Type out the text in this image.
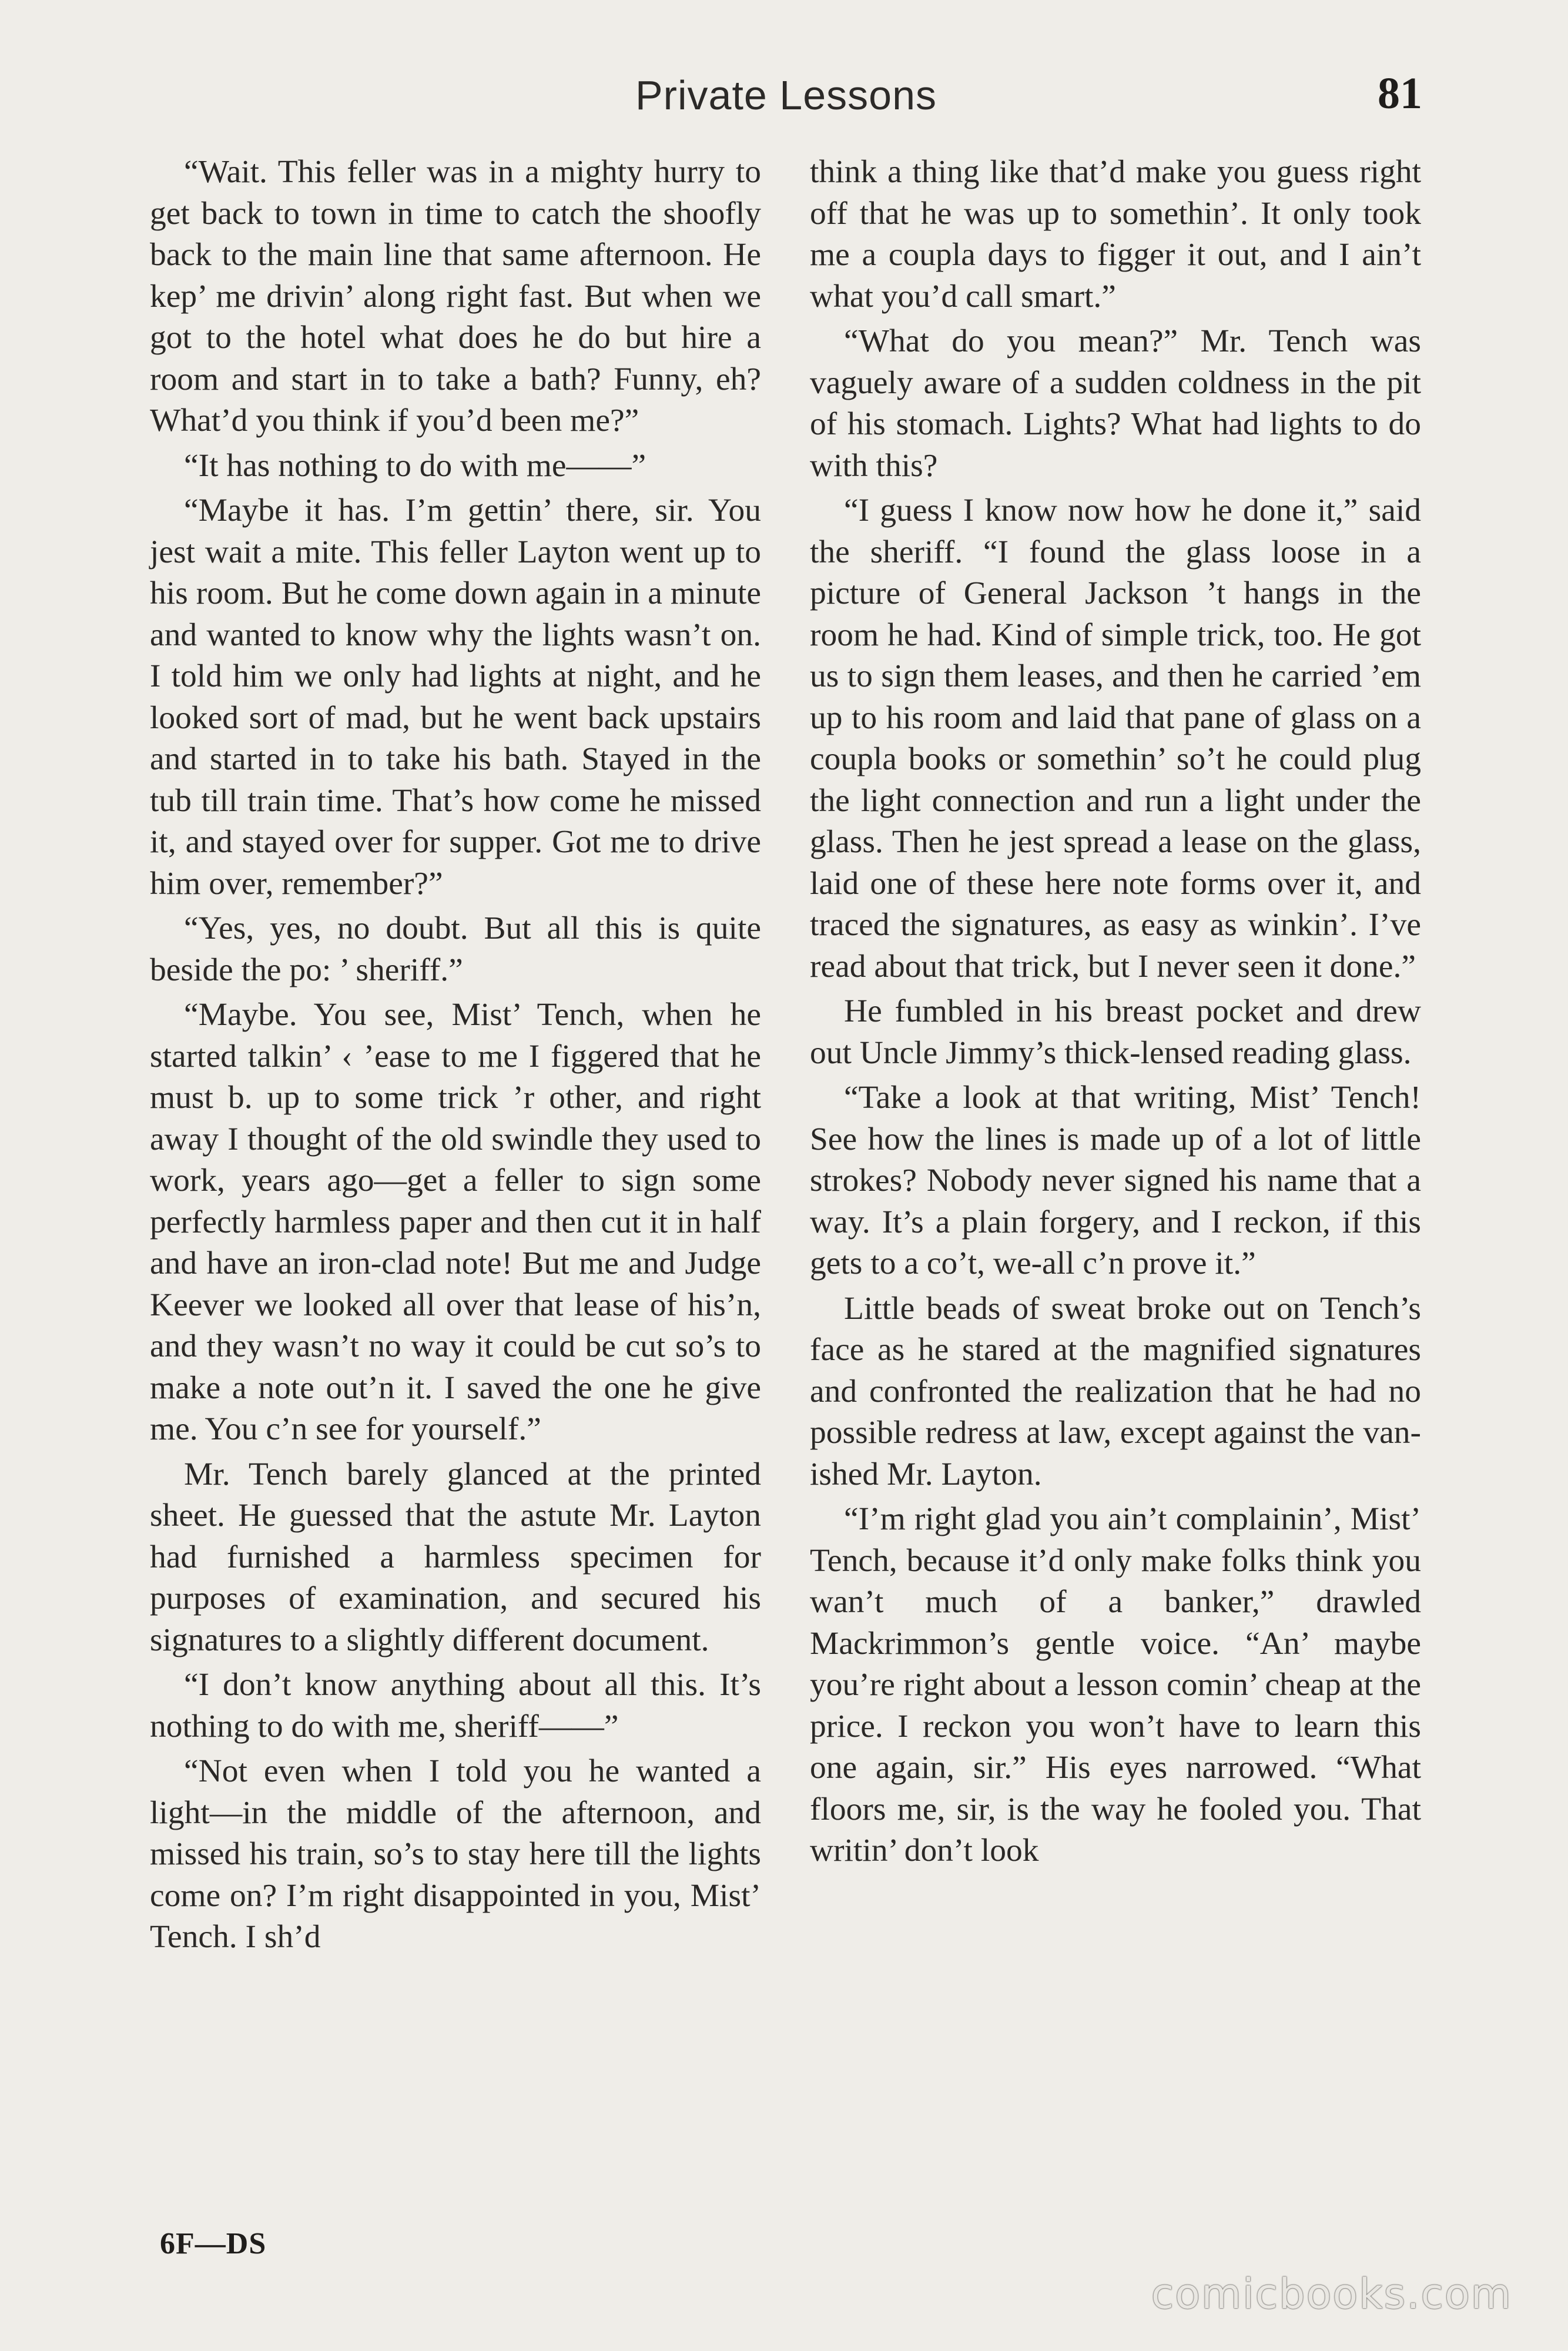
Private Lessons	81

“Wait. This feller was in a mighty hurry to get back to town in time to catch the shoofly back to the main line that same afternoon. He kep’ me drivin’ along right fast. But when we got to the hotel what does he do but hire a room and start in to take a bath? Funny, eh? What’d you think if you’d been me?”

“It has nothing to do with me——”

“Maybe it has. I’m gettin’ there, sir. You jest wait a mite. This feller Layton went up to his room. But he come down again in a minute and wanted to know why the lights wasn’t on. I told him we only had lights at night, and he looked sort of mad, but he went back upstairs and started in to take his bath. Stayed in the tub till train time. That’s how come he missed it, and stayed over for supper. Got me to drive him over, remember?”

“Yes, yes, no doubt. But all this is quite beside the po: ’ sheriff.”

“Maybe. You see, Mist’ Tench, when he started talkin’ ‹ ’ease to me I figgered that he must b. up to some trick ’r other, and right away I thought of the old swindle they used to work, years ago—get a feller to sign some perfectly harmless paper and then cut it in half and have an iron-clad note! But me and Judge Keever we looked all over that lease of his’n, and they wasn’t no way it could be cut so’s to make a note out’n it. I saved the one he give me. You c’n see for yourself.”

Mr. Tench barely glanced at the printed sheet. He guessed that the astute Mr. Layton had furnished a harmless specimen for purposes of examination, and secured his signatures to a slightly different document.

“I don’t know anything about all this. It’s nothing to do with me, sheriff——”

“Not even when I told you he wanted a light—in the middle of the afternoon, and missed his train, so’s to stay here till the lights come on? I’m right disappointed in you, Mist’ Tench. I sh’d

think a thing like that’d make you guess right off that he was up to somethin’. It only took me a coupla days to figger it out, and I ain’t what you’d call smart.”

“What do you mean?” Mr. Tench was vaguely aware of a sudden coldness in the pit of his stomach. Lights? What had lights to do with this?

“I guess I know now how he done it,” said the sheriff. “I found the glass loose in a picture of General Jackson ’t hangs in the room he had. Kind of simple trick, too. He got us to sign them leases, and then he carried ’em up to his room and laid that pane of glass on a coupla books or somethin’ so’t he could plug the light connection and run a light under the glass. Then he jest spread a lease on the glass, laid one of these here note forms over it, and traced the signatures, as easy as winkin’. I’ve read about that trick, but I never seen it done.”

He fumbled in his breast pocket and drew out Uncle Jimmy’s thick-lensed reading glass.

“Take a look at that writing, Mist’ Tench! See how the lines is made up of a lot of little strokes? Nobody never signed his name that a way. It’s a plain forgery, and I reckon, if this gets to a co’t, we-all c’n prove it.”

Little beads of sweat broke out on Tench’s face as he stared at the magnified signatures and confronted the realization that he had no possible redress at law, except against the vanished Mr. Layton.

“I’m right glad you ain’t complainin’, Mist’ Tench, because it’d only make folks think you wan’t much of a banker,” drawled Mackrimmon’s gentle voice. “An’ maybe you’re right about a lesson comin’ cheap at the price. I reckon you won’t have to learn this one again, sir.” His eyes narrowed. “What floors me, sir, is the way he fooled you. That writin’ don’t look

6F—DS
comicbooks.com
